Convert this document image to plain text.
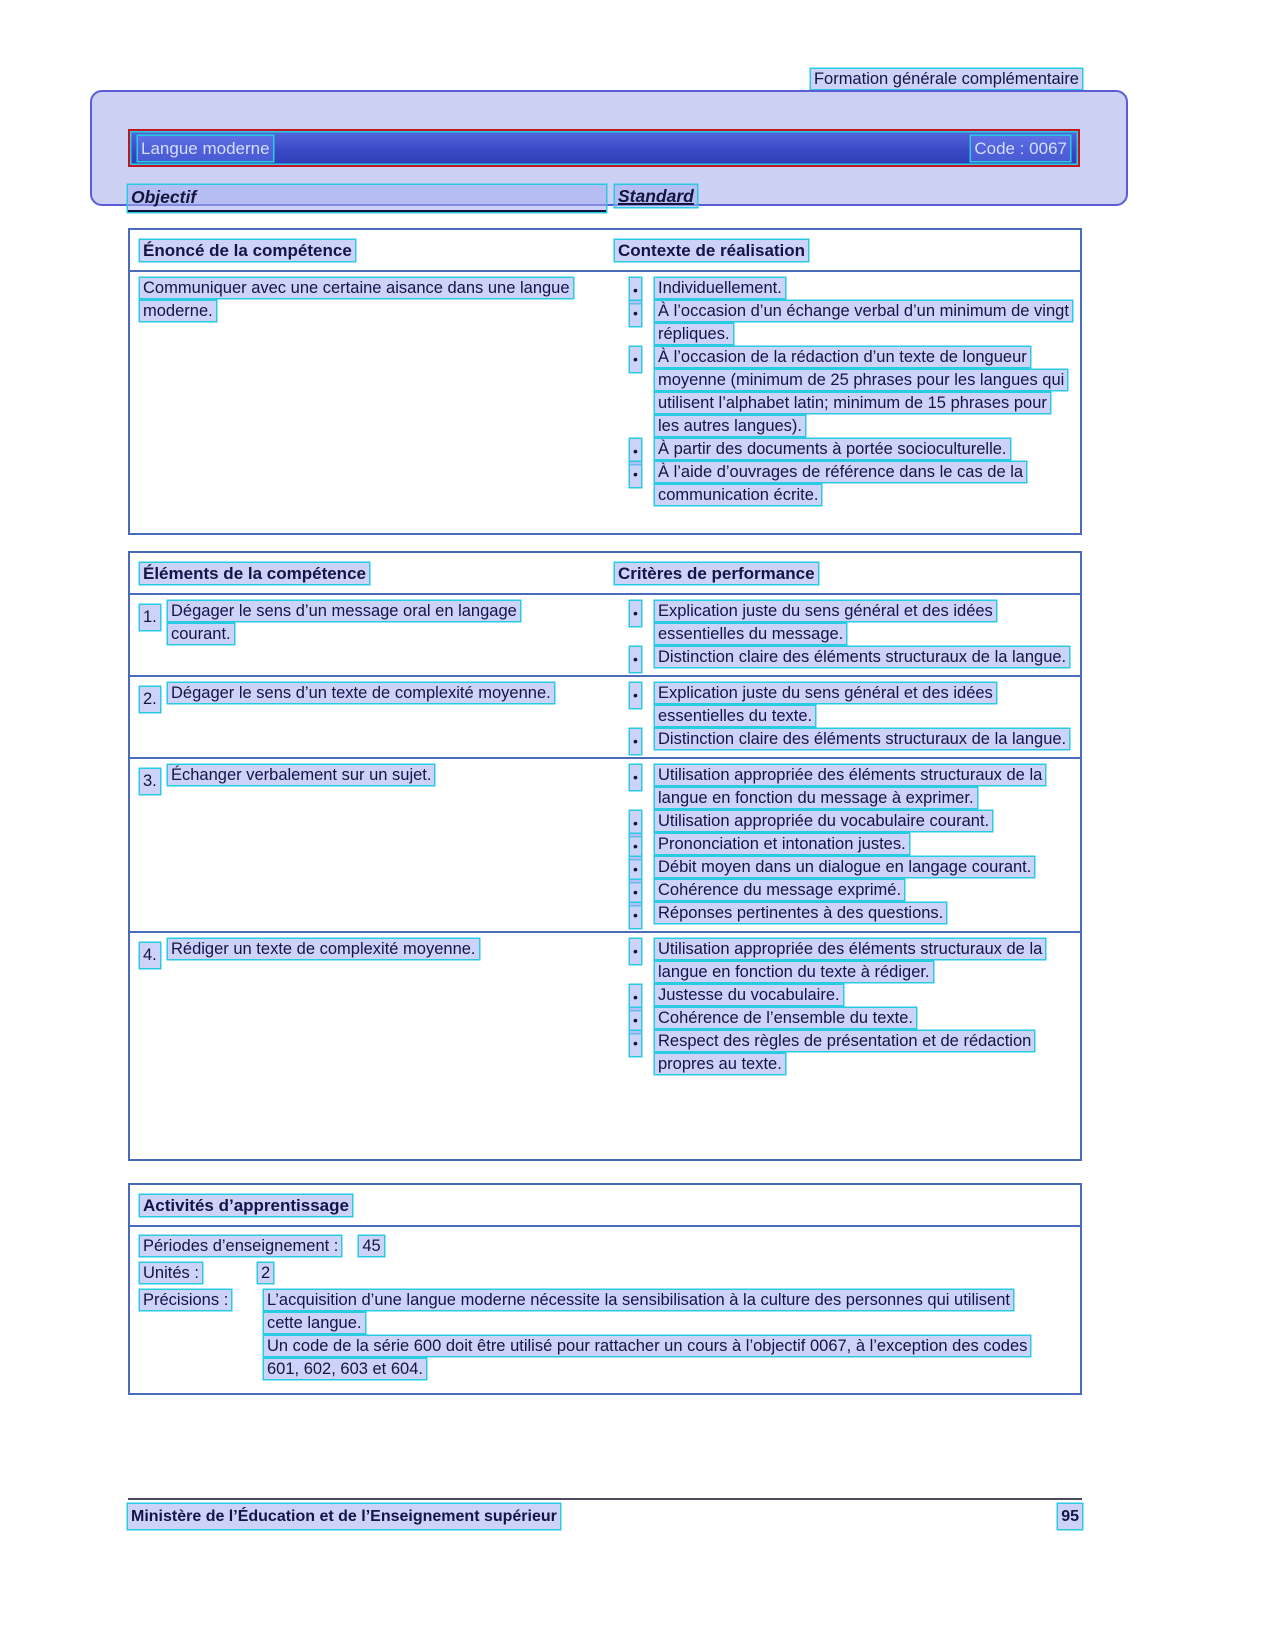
Formation générale complémentaire
Langue moderne	Code : 0067
Objectif	Standard
Énoncé de la compétence	Contexte de réalisation
Communiquer avec une certaine aisance dans une langue moderne.
• Individuellement.
• À l’occasion d’un échange verbal d’un minimum de vingt répliques.
• À l’occasion de la rédaction d’un texte de longueur moyenne (minimum de 25 phrases pour les langues qui utilisent l’alphabet latin; minimum de 15 phrases pour les autres langues).
• À partir des documents à portée socioculturelle.
• À l’aide d’ouvrages de référence dans le cas de la communication écrite.
Éléments de la compétence	Critères de performance
1. Dégager le sens d’un message oral en langage courant.
• Explication juste du sens général et des idées essentielles du message.
• Distinction claire des éléments structuraux de la langue.
2. Dégager le sens d’un texte de complexité moyenne.	• Explication juste du sens général et des idées essentielles du texte.
• Distinction claire des éléments structuraux de la langue.
3. Échanger verbalement sur un sujet.	• Utilisation appropriée des éléments structuraux de la langue en fonction du message à exprimer.
• Utilisation appropriée du vocabulaire courant.
• Prononciation et intonation justes.
• Débit moyen dans un dialogue en langage courant.
• Cohérence du message exprimé.
• Réponses pertinentes à des questions.
4. Rédiger un texte de complexité moyenne.	• Utilisation appropriée des éléments structuraux de la langue en fonction du texte à rédiger.
• Justesse du vocabulaire.
• Cohérence de l’ensemble du texte.
• Respect des règles de présentation et de rédaction propres au texte.
Activités d’apprentissage
Périodes d’enseignement : 45
Unités :	2
Précisions :	L’acquisition d’une langue moderne nécessite la sensibilisation à la culture des personnes qui utilisent cette langue.

Un code de la série 600 doit être utilisé pour rattacher un cours à l’objectif 0067, à l’exception des codes 601, 602, 603 et 604.

Ministère de l’Éducation et de l’Enseignement supérieur	95
